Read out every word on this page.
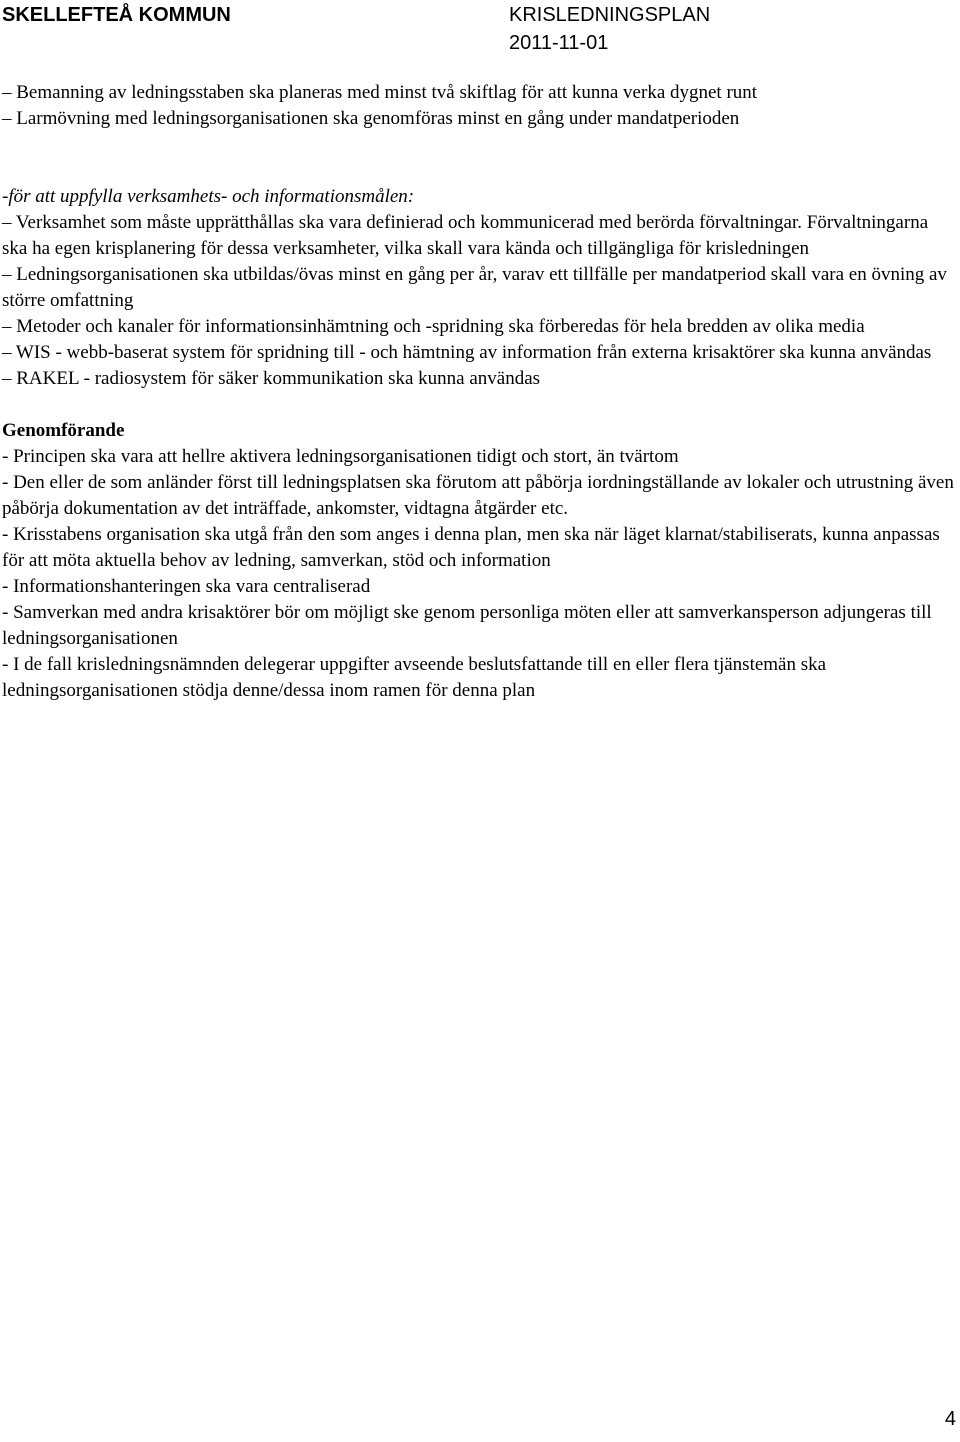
SKELLEFTEÅ KOMMUN	KRISLEDNINGSPLAN
2011-11-01

– Bemanning av ledningsstaben ska planeras med minst två skiftlag för att kunna verka dygnet runt

– Larmövning med ledningsorganisationen ska genomföras minst en gång under mandatperioden

-för att uppfylla verksamhets- och informationsmålen:

– Verksamhet som måste upprätthållas ska vara definierad och kommunicerad med berörda förvaltningar. Förvaltningarna ska ha egen krisplanering för dessa verksamheter, vilka skall vara kända och tillgängliga för krisledningen

– Ledningsorganisationen ska utbildas/övas minst en gång per år, varav ett tillfälle per mandatperiod skall vara en övning av större omfattning

– Metoder och kanaler för informationsinhämtning och -spridning ska förberedas för hela bredden av olika media

– WIS - webb-baserat system för spridning till - och hämtning av information från externa krisaktörer ska kunna användas

– RAKEL - radiosystem för säker kommunikation ska kunna användas

Genomförande

- Principen ska vara att hellre aktivera ledningsorganisationen tidigt och stort, än tvärtom

- Den eller de som anländer först till ledningsplatsen ska förutom att påbörja iordningställande av lokaler och utrustning även påbörja dokumentation av det inträffade, ankomster, vidtagna åtgärder etc.

- Krisstabens organisation ska utgå från den som anges i denna plan, men ska när läget klarnat/stabiliserats, kunna anpassas för att möta aktuella behov av ledning, samverkan, stöd och information

- Informationshanteringen ska vara centraliserad

- Samverkan med andra krisaktörer bör om möjligt ske genom personliga möten eller att samverkansperson adjungeras till ledningsorganisationen

- I de fall krisledningsnämnden delegerar uppgifter avseende beslutsfattande till en eller flera tjänstemän ska ledningsorganisationen stödja denne/dessa inom ramen för denna plan

4
